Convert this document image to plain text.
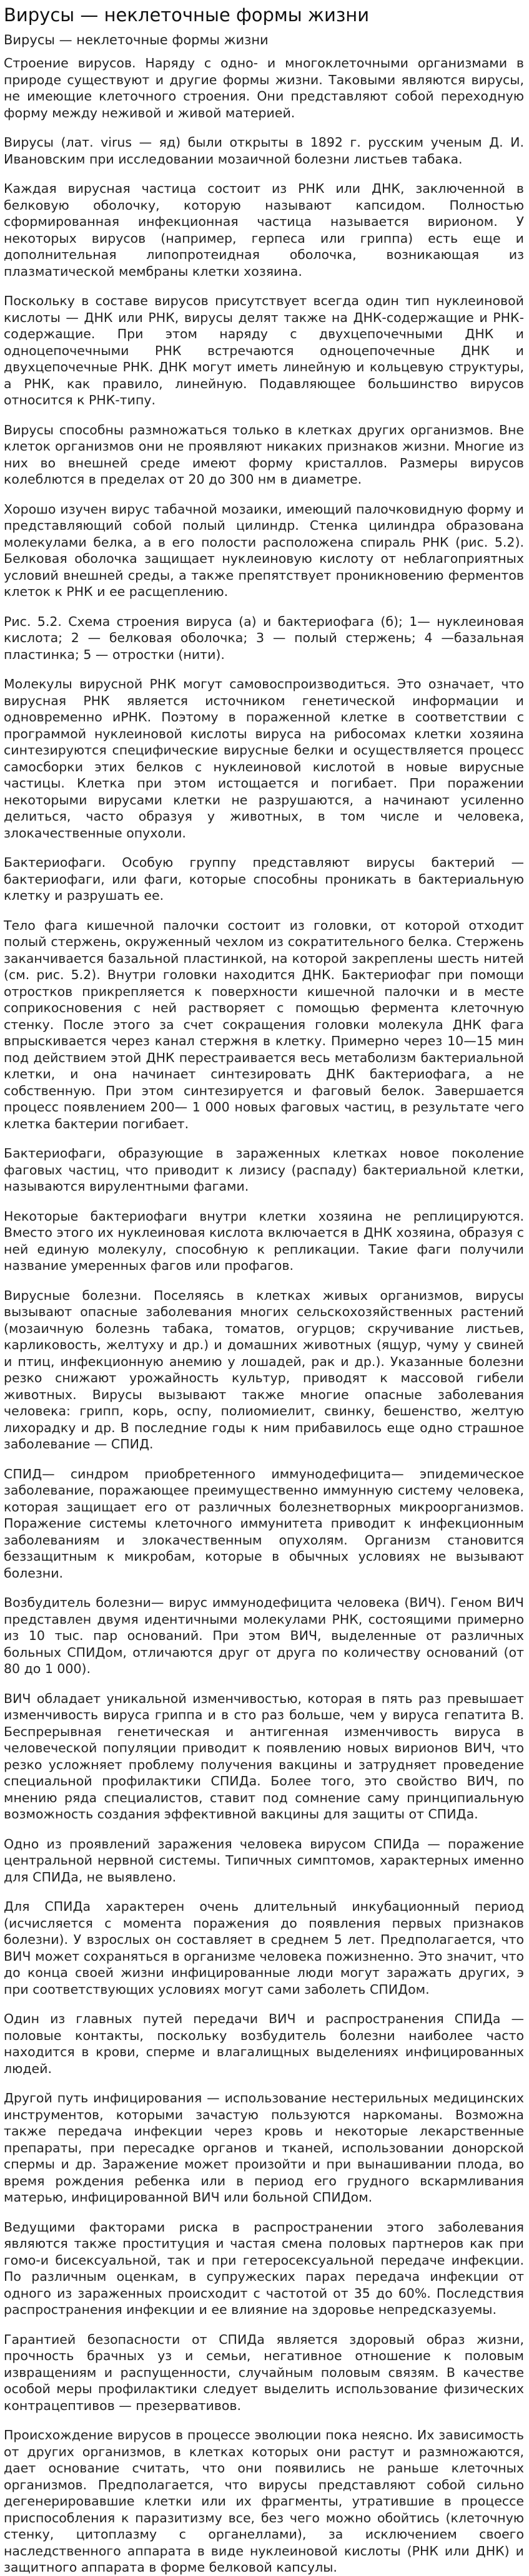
Вирусы — неклеточные формы жизни
Вирусы — неклеточные формы жизни

Строение вирусов. Наряду с одно- и многоклеточными организмами в природе существуют и другие формы жизни. Таковыми являются вирусы, не имеющие клеточного строения. Они представляют собой переходную форму между неживой и живой материей.

Вирусы (лат. virus — яд) были открыты в 1892 г. русским ученым Д. И. Ивановским при исследовании мозаичной болезни листьев табака.

Каждая вирусная частица состоит из РНК или ДНК, заключенной в белковую оболочку, которую называют капсидом. Полностью сформированная инфекционная частица называется вирионом. У некоторых вирусов (например, герпеса или гриппа) есть еще и дополнительная липопротеидная оболочка, возникающая из плазматической мембраны клетки хозяина.

Поскольку в составе вирусов присутствует всегда один тип нуклеиновой кислоты — ДНК или РНК, вирусы делят также на ДНК-содержащие и РНК-содержащие. При этом наряду с двухцепочечными ДНК и одноцепочечными РНК встречаются одноцепочечные ДНК и двухцепочечные РНК. ДНК могут иметь линейную и кольцевую структуры, а РНК, как правило, линейную. Подавляющее большинство вирусов относится к РНК-типу.

Вирусы способны размножаться только в клетках других организмов. Вне клеток организмов они не проявляют никаких признаков жизни. Многие из них во внешней среде имеют форму кристаллов. Размеры вирусов колеблются в пределах от 20 до 300 нм в диаметре.

Хорошо изучен вирус табачной мозаики, имеющий палочковидную форму и представляющий собой полый цилиндр. Стенка цилиндра образована молекулами белка, а в его полости расположена спираль РНК (рис. 5.2). Белковая оболочка защищает нуклеиновую кислоту от неблагоприятных условий внешней среды, а также препятствует проникновению ферментов клеток к РНК и ее расщеплению.

Рис. 5.2. Схема строения вируса (а) и бактериофага (б); 1— нуклеиновая кислота; 2 — белковая оболочка; 3 — полый стержень; 4 —базальная пластинка; 5 — отростки (нити).

Молекулы вирусной РНК могут самовоспроизводиться. Это означает, что вирусная РНК является источником генетической информации и одновременно иРНК. Поэтому в пораженной клетке в соответствии с программой нуклеиновой кислоты вируса на рибосомах клетки хозяина синтезируются специфические вирусные белки и осуществляется процесс самосборки этих белков с нуклеиновой кислотой в новые вирусные частицы. Клетка при этом истощается и погибает. При поражении некоторыми вирусами клетки не разрушаются, а начинают усиленно делиться, часто образуя у животных, в том числе и человека, злокачественные опухоли.

Бактериофаги. Особую группу представляют вирусы бактерий — бактериофаги, или фаги, которые способны проникать в бактериальную клетку и разрушать ее.

Тело фага кишечной палочки состоит из головки, от которой отходит полый стержень, окруженный чехлом из сократительного белка. Стержень заканчивается базальной пластинкой, на которой закреплены шесть нитей (см. рис. 5.2). Внутри головки находится ДНК. Бактериофаг при помощи отростков прикрепляется к поверхности кишечной палочки и в месте соприкосновения с ней растворяет с помощью фермента клеточную стенку. После этого за счет сокращения головки молекула ДНК фага впрыскивается через канал стержня в клетку. Примерно через 10—15 мин под действием этой ДНК перестраивается весь метаболизм бактериальной клетки, и она начинает синтезировать ДНК бактериофага, а не собственную. При этом синтезируется и фаговый белок. Завершается процесс появлением 200— 1 000 новых фаговых частиц, в результате чего клетка бактерии погибает.

Бактериофаги, образующие в зараженных клетках новое поколение фаговых частиц, что приводит к лизису (распаду) бактериальной клетки, называются вирулентными фагами.

Некоторые бактериофаги внутри клетки хозяина не реплицируются. Вместо этого их нуклеиновая кислота включается в ДНК хозяина, образуя с ней единую молекулу, способную к репликации. Такие фаги получили название умеренных фагов или профагов.

Вирусные болезни. Поселяясь в клетках живых организмов, вирусы вызывают опасные заболевания многих сельскохозяйственных растений (мозаичную болезнь табака, томатов, огурцов; скручивание листьев, карликовость, желтуху и др.) и домашних животных (ящур, чуму у свиней и птиц, инфекционную анемию у лошадей, рак и др.). Указанные болезни резко снижают урожайность культур, приводят к массовой гибели животных. Вирусы вызывают также многие опасные заболевания человека: грипп, корь, оспу, полиомиелит, свинку, бешенство, желтую лихорадку и др. В последние годы к ним прибавилось еще одно страшное заболевание — СПИД.

СПИД— синдром приобретенного иммунодефицита— эпидемическое заболевание, поражающее преимущественно иммунную систему человека, которая защищает его от различных болезнетворных микроорганизмов. Поражение системы клеточного иммунитета приводит к инфекционным заболеваниям и злокачественным опухолям. Организм становится беззащитным к микробам, которые в обычных условиях не вызывают болезни.

Возбудитель болезни— вирус иммунодефицита человека (ВИЧ). Геном ВИЧ представлен двумя идентичными молекулами РНК, состоящими примерно из 10 тыс. пар оснований. При этом ВИЧ, выделенные от различных больных СПИДом, отличаются друг от друга по количеству оснований (от 80 до 1 000).

ВИЧ обладает уникальной изменчивостью, которая в пять раз превышает изменчивость вируса гриппа и в сто раз больше, чем у вируса гепатита В. Беспрерывная генетическая и антигенная изменчивость вируса в человеческой популяции приводит к появлению новых вирионов ВИЧ, что резко усложняет проблему получения вакцины и затрудняет проведение специальной профилактики СПИДа. Более того, это свойство ВИЧ, по мнению ряда специалистов, ставит под сомнение саму принципиальную возможность создания эффективной вакцины для защиты от СПИДа.

Одно из проявлений заражения человека вирусом СПИДа — поражение центральной нервной системы. Типичных симптомов, характерных именно для СПИДа, не выявлено.

Для СПИДа характерен очень длительный инкубационный период (исчисляется с момента поражения до появления первых признаков болезни). У взрослых он составляет в среднем 5 лет. Предполагается, что ВИЧ может сохраняться в организме человека пожизненно. Это значит, что до конца своей жизни инфицированные люди могут заражать других, э при соответствующих условиях могут сами заболеть СПИДом.

Один из главных путей передачи ВИЧ и распространения СПИДа — половые контакты, поскольку возбудитель болезни наиболее часто находится в крови, сперме и влагалищных выделениях инфицированных людей.

Другой путь инфицирования — использование нестерильных медицинских инструментов, которыми зачастую пользуются наркоманы. Возможна также передача инфекции через кровь и некоторые лекарственные препараты, при пересадке органов и тканей, использовании донорской спермы и др. Заражение может произойти и при вынашивании плода, во время рождения ребенка или в период его грудного вскармливания матерью, инфицированной ВИЧ или больной СПИДом.

Ведущими факторами риска в распространении этого заболевания являются также проституция и частая смена половых партнеров как при гомо-и бисексуальной, так и при гетеросексуальной передаче инфекции. По различным оценкам, в супружеских парах передача инфекции от одного из зараженных происходит с частотой от 35 до 60%. Последствия распространения инфекции и ее влияние на здоровье непредсказуемы.

Гарантией безопасности от СПИДа является здоровый образ жизни, прочность брачных уз и семьи, негативное отношение к половым извращениям и распущенности, случайным половым связям. В качестве особой меры профилактики следует выделить использование физических контрацептивов — презервативов.

Происхождение вирусов в процессе эволюции пока неясно. Их зависимость от других организмов, в клетках которых они растут и размножаются, дает основание считать, что они появились не раньше клеточных организмов. Предполагается, что вирусы представляют собой сильно дегенерировавшие клетки или их фрагменты, утратившие в процессе приспособления к паразитизму все, без чего можно обойтись (клеточную стенку, цитоплазму с органеллами), за исключением своего наследственного аппарата в виде нуклеиновой кислоты (РНК или ДНК) и защитного аппарата в форме белковой капсулы.
